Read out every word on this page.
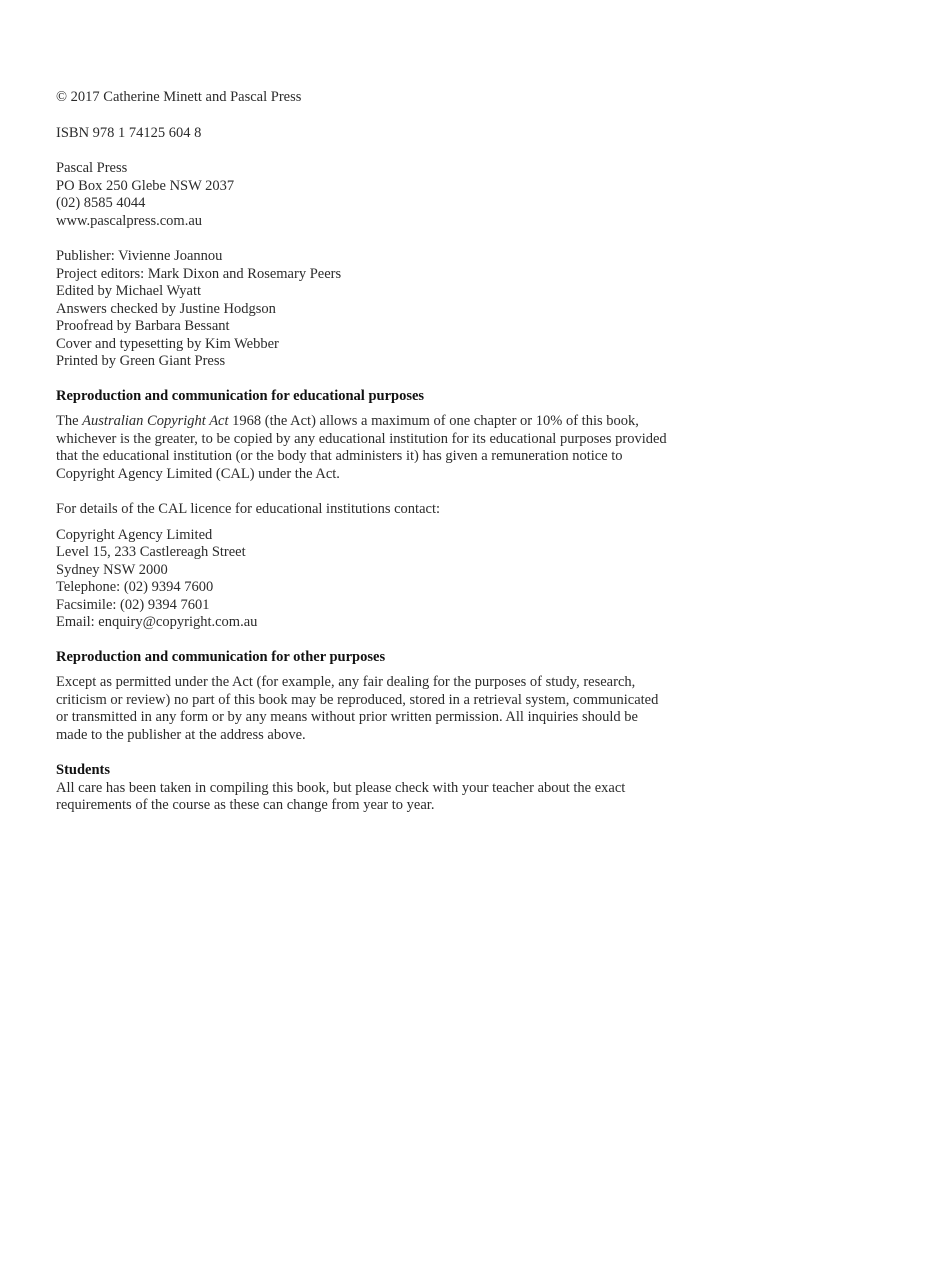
© 2017 Catherine Minett and Pascal Press
ISBN 978 1 74125 604 8
Pascal Press
PO Box 250 Glebe NSW 2037
(02) 8585 4044
www.pascalpress.com.au
Publisher: Vivienne Joannou
Project editors: Mark Dixon and Rosemary Peers
Edited by Michael Wyatt
Answers checked by Justine Hodgson
Proofread by Barbara Bessant
Cover and typesetting by Kim Webber
Printed by Green Giant Press
Reproduction and communication for educational purposes
The Australian Copyright Act 1968 (the Act) allows a maximum of one chapter or 10% of this book,
whichever is the greater, to be copied by any educational institution for its educational purposes provided
that the educational institution (or the body that administers it) has given a remuneration notice to
Copyright Agency Limited (CAL) under the Act.
For details of the CAL licence for educational institutions contact:
Copyright Agency Limited
Level 15, 233 Castlereagh Street
Sydney NSW 2000
Telephone: (02) 9394 7600
Facsimile: (02) 9394 7601
Email: enquiry@copyright.com.au
Reproduction and communication for other purposes
Except as permitted under the Act (for example, any fair dealing for the purposes of study, research,
criticism or review) no part of this book may be reproduced, stored in a retrieval system, communicated
or transmitted in any form or by any means without prior written permission. All inquiries should be
made to the publisher at the address above.
Students
All care has been taken in compiling this book, but please check with your teacher about the exact
requirements of the course as these can change from year to year.
